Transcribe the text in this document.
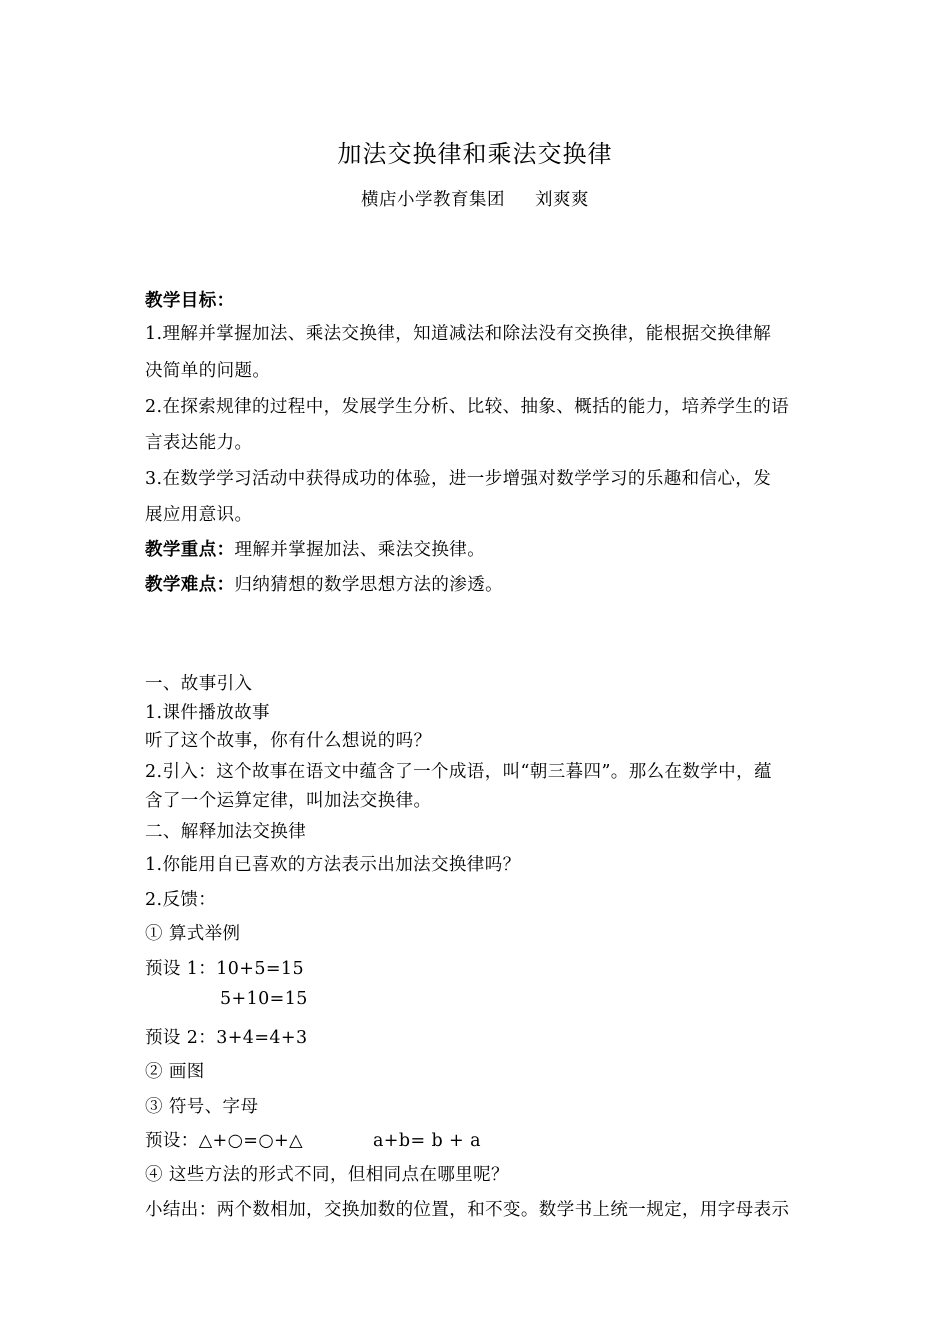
加法交换律和乘法交换律
横店小学教育集团 刘爽爽
教学目标：
1.理解并掌握加法、乘法交换律，知道减法和除法没有交换律，能根据交换律解
决简单的问题。
2.在探索规律的过程中，发展学生分析、比较、抽象、概括的能力，培养学生的语
言表达能力。
3.在数学学习活动中获得成功的体验，进一步增强对数学学习的乐趣和信心，发
展应用意识。
教学重点：理解并掌握加法、乘法交换律。
教学难点：归纳猜想的数学思想方法的渗透。
一、故事引入
1.课件播放故事
听了这个故事，你有什么想说的吗？
2.引入：这个故事在语文中蕴含了一个成语，叫“朝三暮四”。那么在数学中，蕴
含了一个运算定律，叫加法交换律。
二、解释加法交换律
1.你能用自已喜欢的方法表示出加法交换律吗？
2.反馈：
① 算式举例
预设 1：10+5=15
5+10=15
预设 2：3+4=4+3
② 画图
③ 符号、字母
预设：△+○=○+△	a+b= b + a
④ 这些方法的形式不同，但相同点在哪里呢？
小结出：两个数相加，交换加数的位置，和不变。数学书上统一规定，用字母表示
